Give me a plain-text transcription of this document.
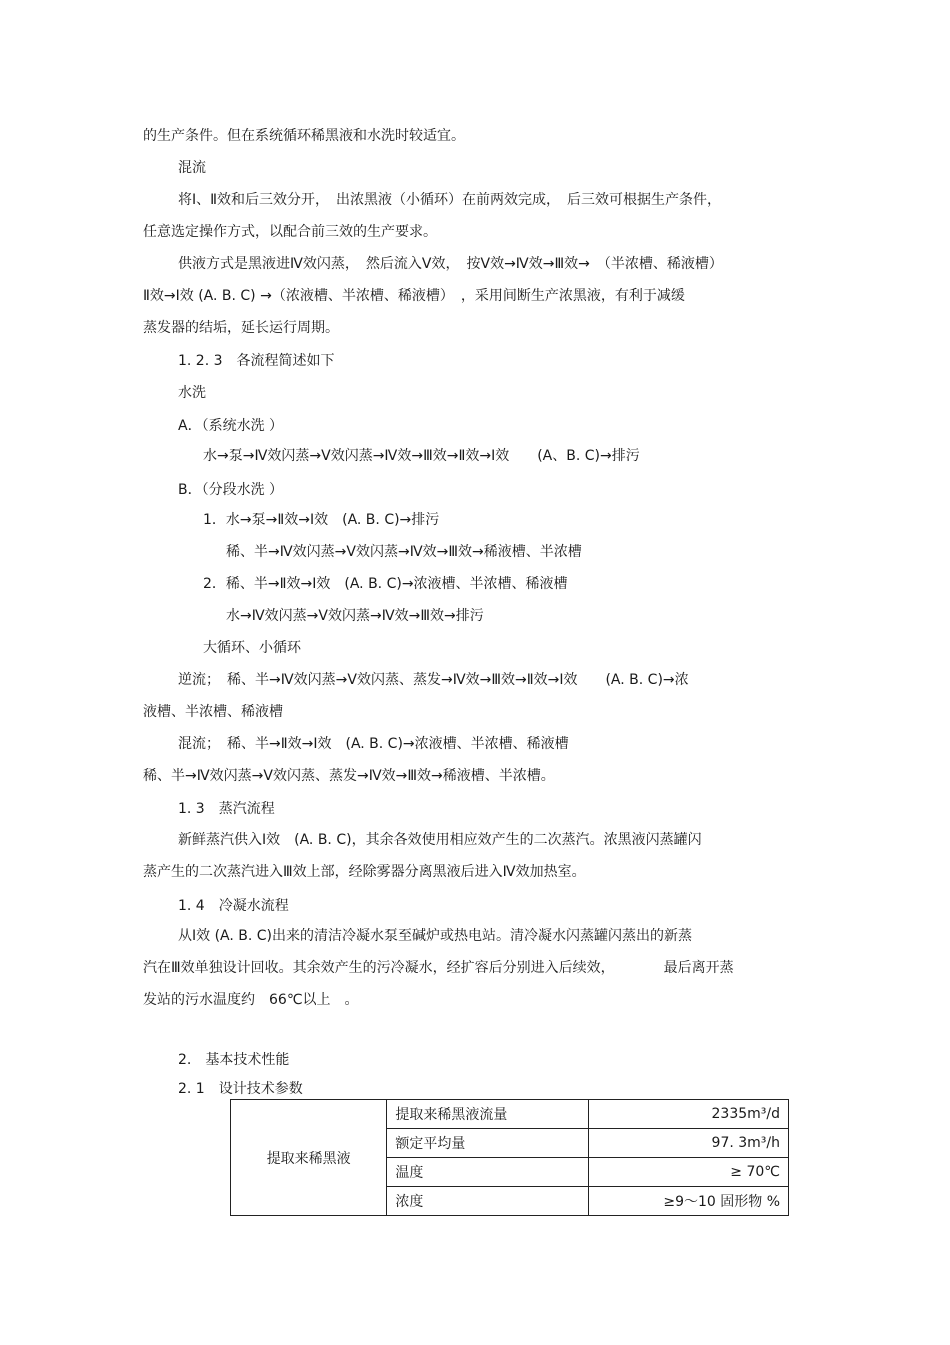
的生产条件。但在系统循环稀黑液和水洗时较适宜。

混流

将Ⅰ、Ⅱ效和后三效分开，　出浓黑液（小循环）在前两效完成，　后三效可根据生产条件，

任意选定操作方式，以配合前三效的生产要求。

供液方式是黑液进Ⅳ效闪蒸，　然后流入Ⅴ效，　按Ⅴ效→Ⅳ效→Ⅲ效→　（半浓槽、稀液槽）

Ⅱ效→Ⅰ效 (A. B. C) →（浓液槽、半浓槽、稀液槽）　，采用间断生产浓黑液，有利于减缓

蒸发器的结垢，延长运行周期。

1. 2. 3　各流程简述如下

水洗

A．（系统水洗 ）

水→泵→Ⅳ效闪蒸→Ⅴ效闪蒸→Ⅳ效→Ⅲ效→Ⅱ效→Ⅰ效　　(A、B. C)→排污

B．（分段水洗 ）

1．水→泵→Ⅱ效→Ⅰ效　(A. B. C)→排污

稀、半→Ⅳ效闪蒸→Ⅴ效闪蒸→Ⅳ效→Ⅲ效→稀液槽、半浓槽

2．稀、半→Ⅱ效→Ⅰ效　(A. B. C)→浓液槽、半浓槽、稀液槽

水→Ⅳ效闪蒸→Ⅴ效闪蒸→Ⅳ效→Ⅲ效→排污

大循环、小循环

逆流；　稀、半→Ⅳ效闪蒸→Ⅴ效闪蒸、蒸发→Ⅳ效→Ⅲ效→Ⅱ效→Ⅰ效　　(A. B. C)→浓

液槽、半浓槽、稀液槽

混流；　稀、半→Ⅱ效→Ⅰ效　(A. B. C)→浓液槽、半浓槽、稀液槽

稀、半→Ⅳ效闪蒸→Ⅴ效闪蒸、蒸发→Ⅳ效→Ⅲ效→稀液槽、半浓槽。

1. 3　蒸汽流程

新鲜蒸汽供入Ⅰ效　(A. B. C)，其余各效使用相应效产生的二次蒸汽。浓黑液闪蒸罐闪

蒸产生的二次蒸汽进入Ⅲ效上部，经除雾器分离黑液后进入Ⅳ效加热室。

1. 4　冷凝水流程

从Ⅰ效 (A. B. C)出来的清洁冷凝水泵至碱炉或热电站。清冷凝水闪蒸罐闪蒸出的新蒸

汽在Ⅲ效单独设计回收。其余效产生的污冷凝水，经扩容后分别进入后续效，　　　　最后离开蒸

发站的污水温度约　66℃以上　。

2.　基本技术性能

2. 1　设计技术参数

提取来稀黑液	提取来稀黑液流量	2335m³/d
	额定平均量	97. 3m³/h
	温度	≥ 70℃
	浓度	≥9～10 固形物 %
